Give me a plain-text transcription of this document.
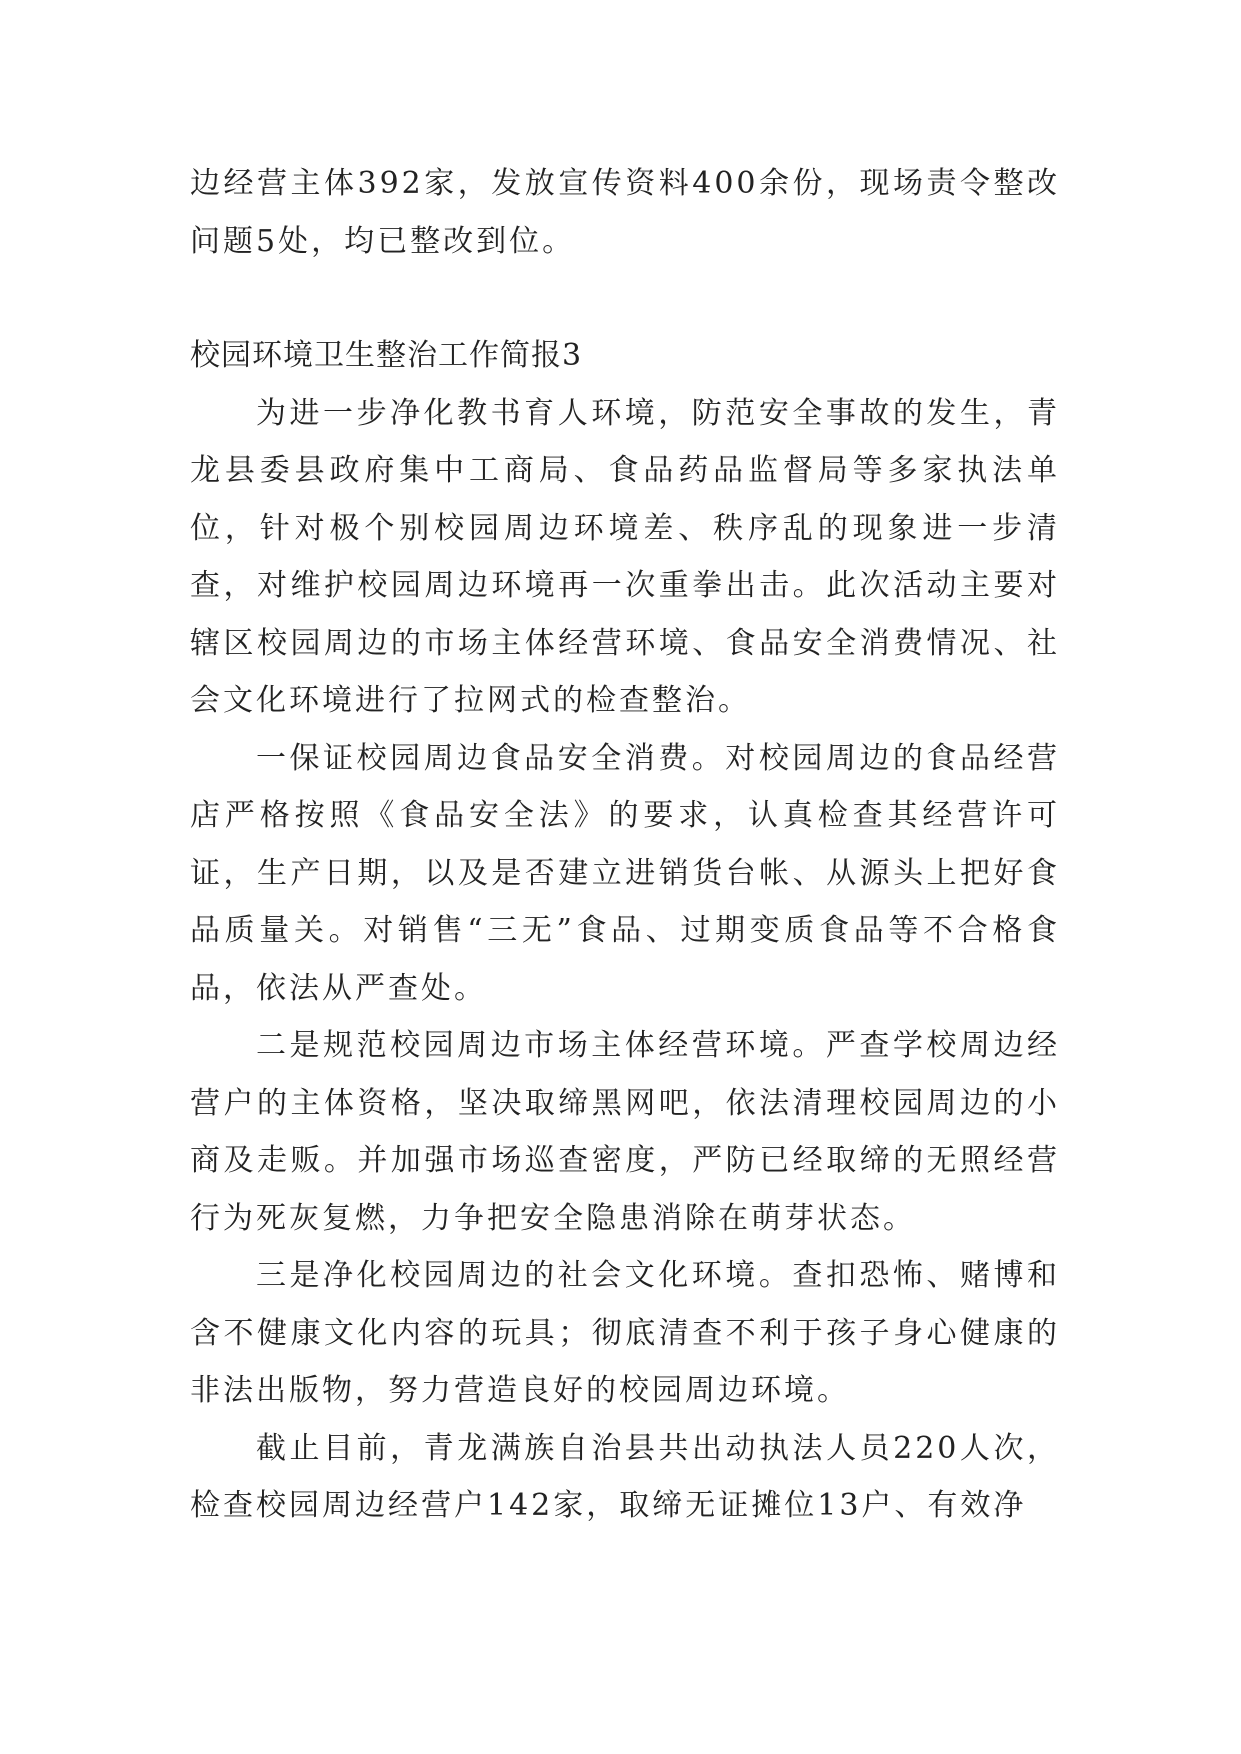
边经营主体392家，发放宣传资料400余份，现场责令整改问题5处，均已整改到位。

校园环境卫生整治工作简报3

为进一步净化教书育人环境，防范安全事故的发生，青龙县委县政府集中工商局、食品药品监督局等多家执法单位，针对极个别校园周边环境差、秩序乱的现象进一步清查，对维护校园周边环境再一次重拳出击。此次活动主要对辖区校园周边的市场主体经营环境、食品安全消费情况、社会文化环境进行了拉网式的检查整治。

一保证校园周边食品安全消费。对校园周边的食品经营店严格按照《食品安全法》的要求，认真检查其经营许可证，生产日期，以及是否建立进销货台帐、从源头上把好食品质量关。对销售“三无”食品、过期变质食品等不合格食品，依法从严查处。

二是规范校园周边市场主体经营环境。严查学校周边经营户的主体资格，坚决取缔黑网吧，依法清理校园周边的小商及走贩。并加强市场巡查密度，严防已经取缔的无照经营行为死灰复燃，力争把安全隐患消除在萌芽状态。

三是净化校园周边的社会文化环境。查扣恐怖、赌博和含不健康文化内容的玩具；彻底清查不利于孩子身心健康的非法出版物，努力营造良好的校园周边环境。

截止目前，青龙满族自治县共出动执法人员220人次，检查校园周边经营户142家，取缔无证摊位13户、有效净
